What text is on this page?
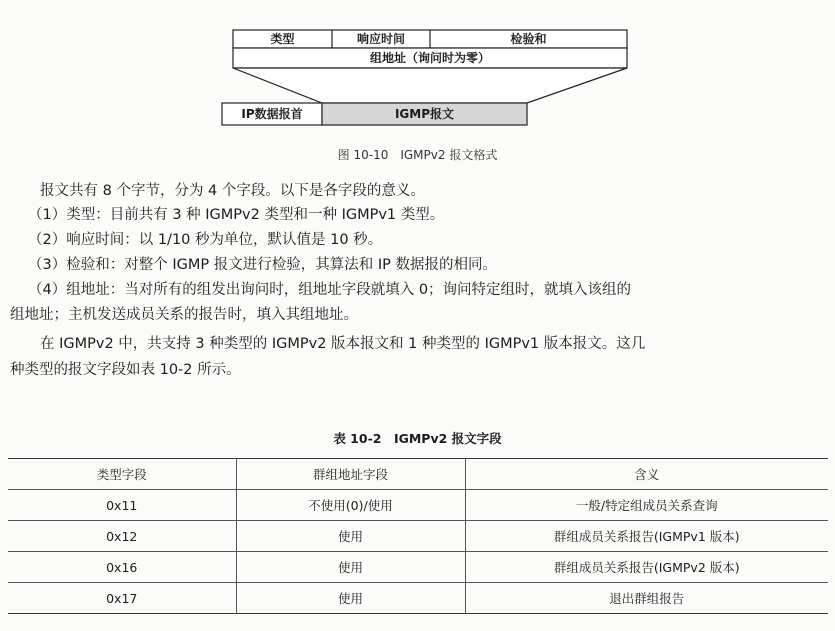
类型	响应时间	检验和
组地址（询问时为零）
IP数据报首	IGMP报文
图 10-10　IGMPv2 报文格式
报文共有 8 个字节，分为 4 个字段。以下是各字段的意义。
（1）类型：目前共有 3 种 IGMPv2 类型和一种 IGMPv1 类型。
（2）响应时间：以 1/10 秒为单位，默认值是 10 秒。
（3）检验和：对整个 IGMP 报文进行检验，其算法和 IP 数据报的相同。
（4）组地址：当对所有的组发出询问时，组地址字段就填入 0；询问特定组时，就填入该组的
组地址；主机发送成员关系的报告时，填入其组地址。
在 IGMPv2 中，共支持 3 种类型的 IGMPv2 版本报文和 1 种类型的 IGMPv1 版本报文。这几
种类型的报文字段如表 10-2 所示。
表 10-2　IGMPv2 报文字段
类型字段	群组地址字段	含义
0x11	不使用(0)/使用	一般/特定组成员关系查询
0x12	使用	群组成员关系报告(IGMPv1 版本)
0x16	使用	群组成员关系报告(IGMPv2 版本)
0x17	使用	退出群组报告
